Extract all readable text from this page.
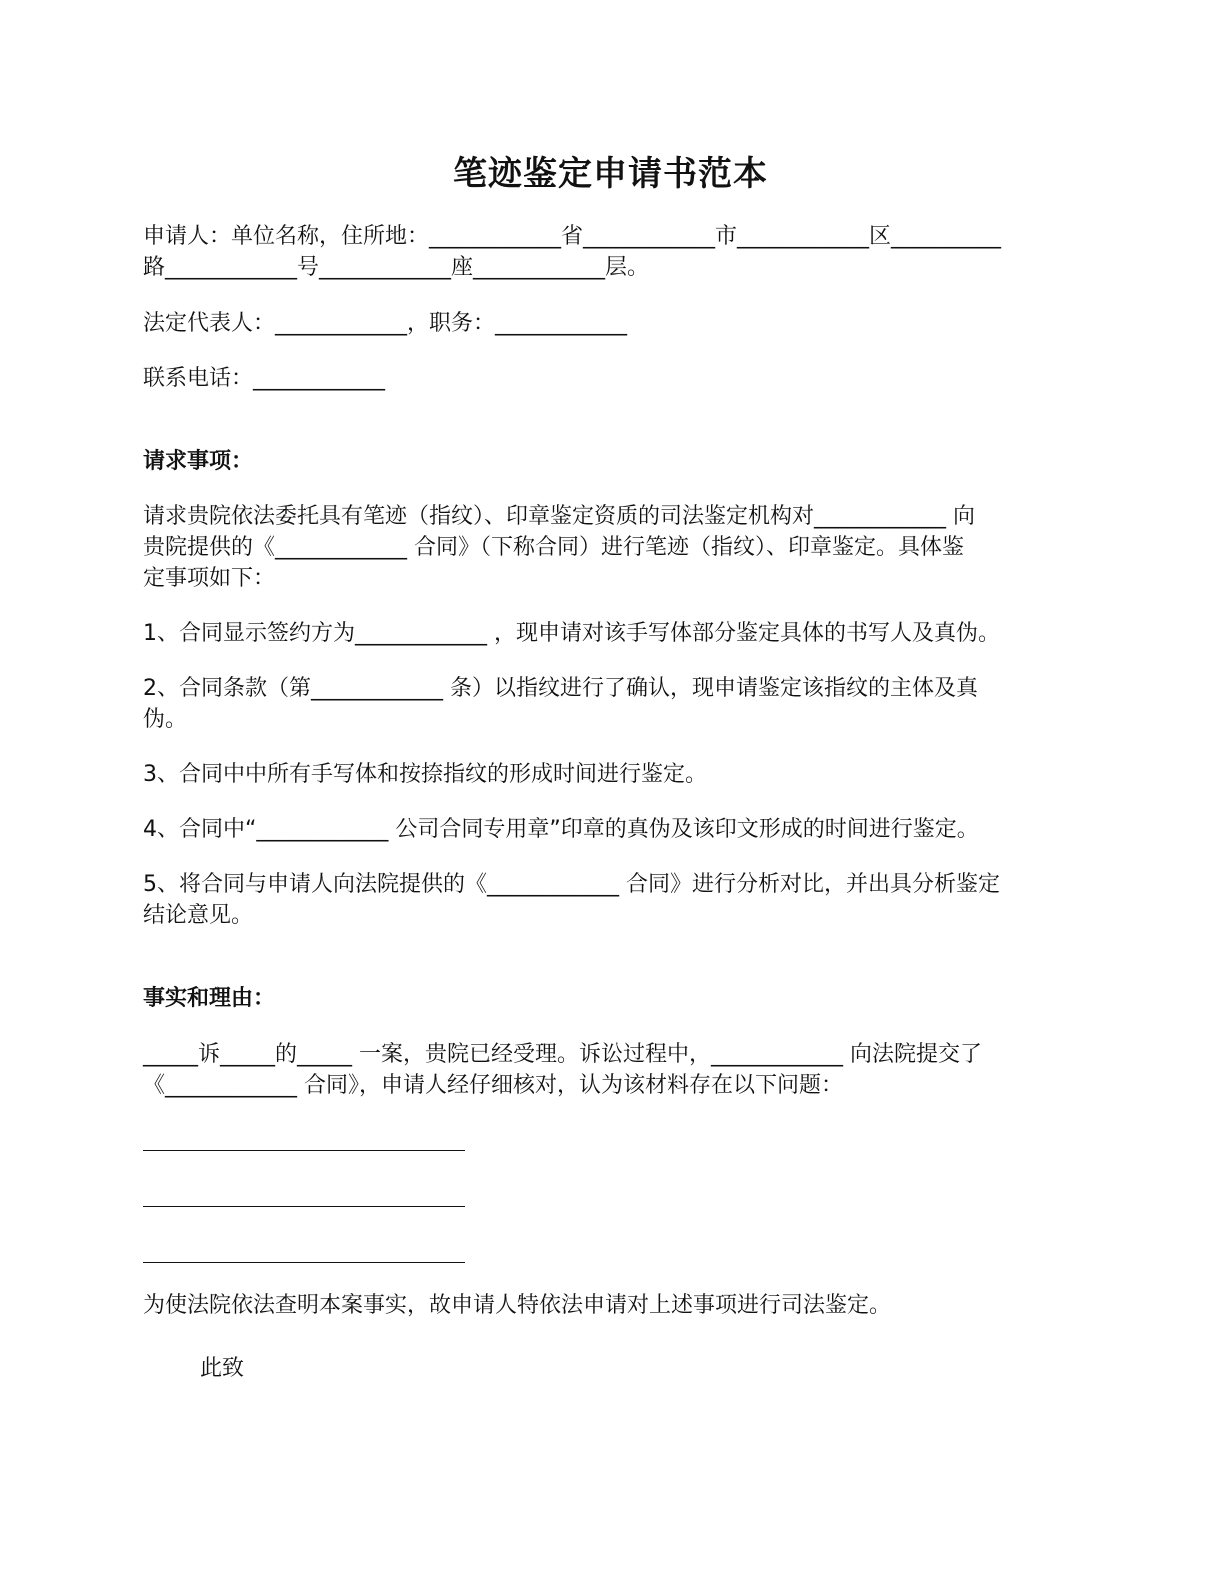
笔迹鉴定申请书范本

申请人：单位名称，住所地：____________省____________市____________区__________

路____________号____________座____________层。

法定代表人：____________，职务：____________

联系电话：____________

请求事项：

请求贵院依法委托具有笔迹（指纹）、印章鉴定资质的司法鉴定机构对____________ 向

贵院提供的《____________ 合同》（下称合同）进行笔迹（指纹）、印章鉴定。具体鉴

定事项如下：

1、合同显示签约方为____________ ，现申请对该手写体部分鉴定具体的书写人及真伪。

2、合同条款（第____________ 条）以指纹进行了确认，现申请鉴定该指纹的主体及真

伪。

3、合同中中所有手写体和按捺指纹的形成时间进行鉴定。

4、合同中“____________ 公司合同专用章”印章的真伪及该印文形成的时间进行鉴定。

5、将合同与申请人向法院提供的《____________ 合同》进行分析对比，并出具分析鉴定

结论意见。

事实和理由：

_____诉_____的_____ 一案，贵院已经受理。诉讼过程中，____________ 向法院提交了

《____________ 合同》，申请人经仔细核对，认为该材料存在以下问题：

为使法院依法查明本案事实，故申请人特依法申请对上述事项进行司法鉴定。

此致
